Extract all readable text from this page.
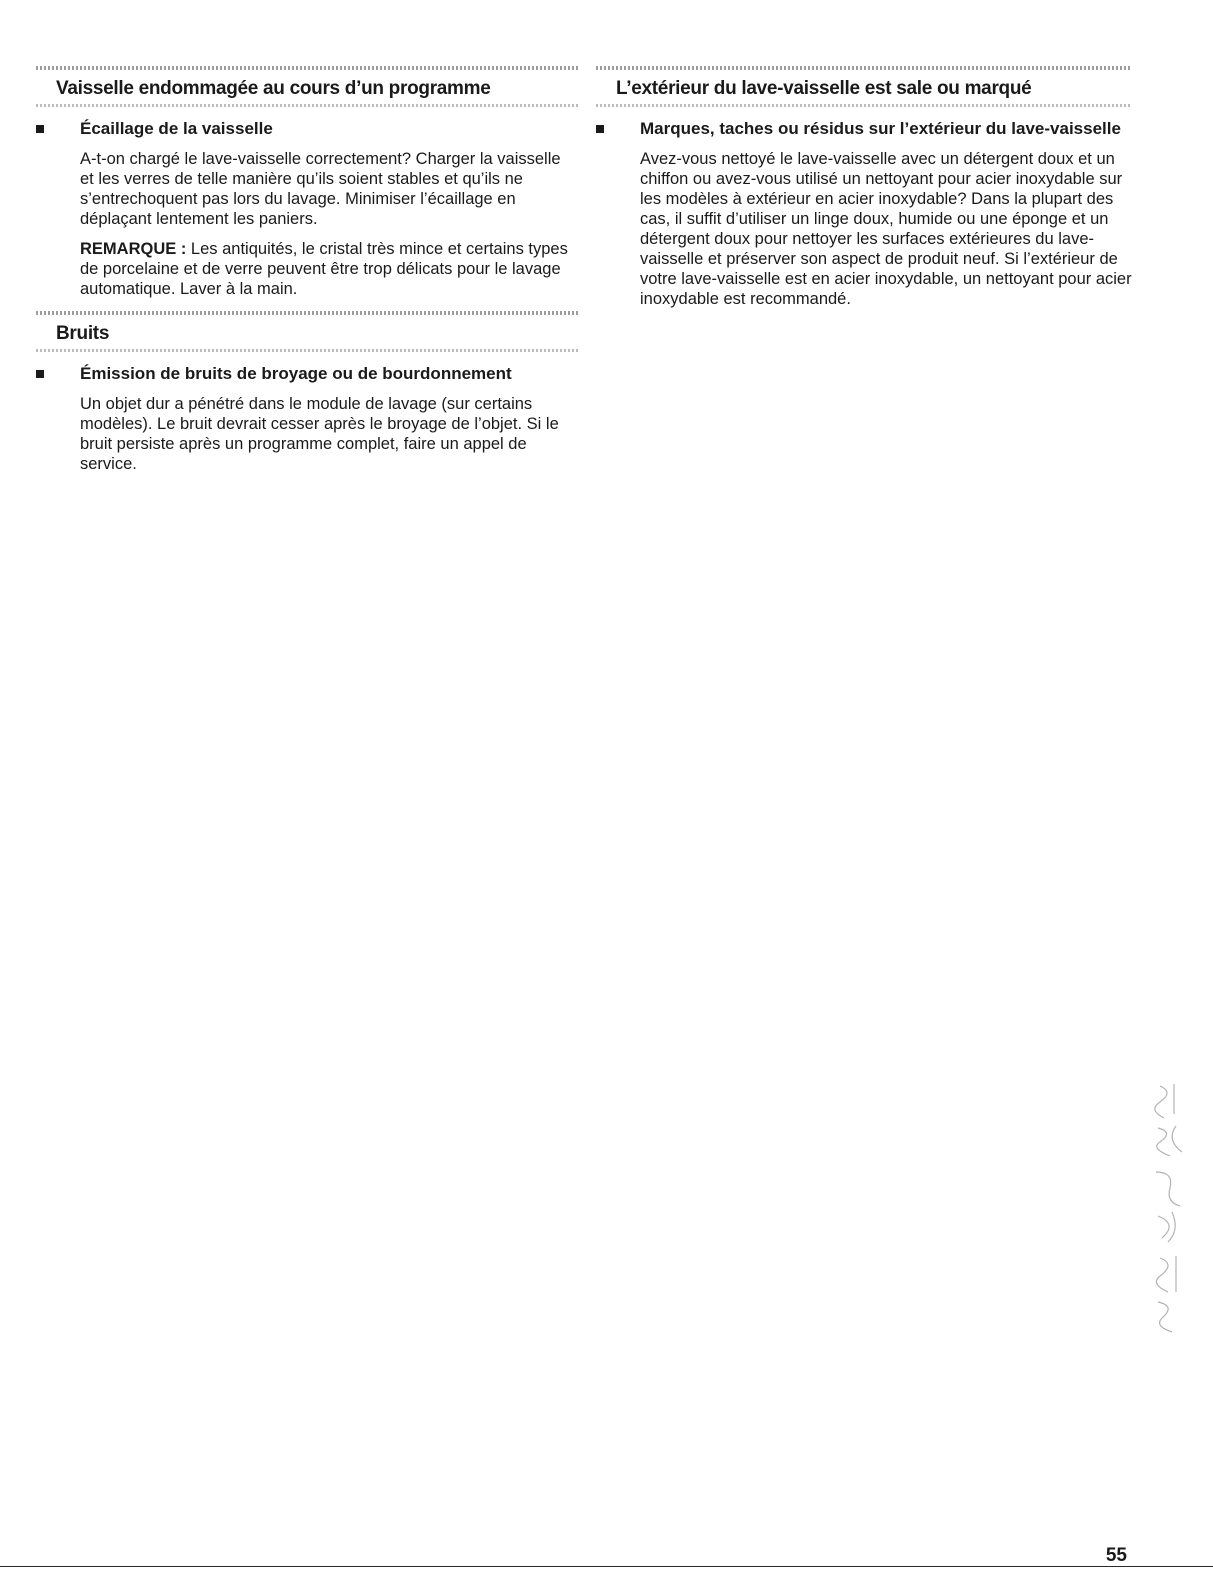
Vaisselle endommagée au cours d’un programme
Écaillage de la vaisselle
A-t-on chargé le lave-vaisselle correctement? Charger la vaisselle et les verres de telle manière qu’ils soient stables et qu’ils ne s’entrechoquent pas lors du lavage. Minimiser l’écaillage en déplaçant lentement les paniers.
REMARQUE : Les antiquités, le cristal très mince et certains types de porcelaine et de verre peuvent être trop délicats pour le lavage automatique. Laver à la main.
Bruits
Émission de bruits de broyage ou de bourdonnement
Un objet dur a pénétré dans le module de lavage (sur certains modèles). Le bruit devrait cesser après le broyage de l’objet. Si le bruit persiste après un programme complet, faire un appel de service.
L’extérieur du lave-vaisselle est sale ou marqué
Marques, taches ou résidus sur l’extérieur du lave-vaisselle
Avez-vous nettoyé le lave-vaisselle avec un détergent doux et un chiffon ou avez-vous utilisé un nettoyant pour acier inoxydable sur les modèles à extérieur en acier inoxydable? Dans la plupart des cas, il suffit d’utiliser un linge doux, humide ou une éponge et un détergent doux pour nettoyer les surfaces extérieures du lave-vaisselle et préserver son aspect de produit neuf. Si l’extérieur de votre lave-vaisselle est en acier inoxydable, un nettoyant pour acier inoxydable est recommandé.
55
